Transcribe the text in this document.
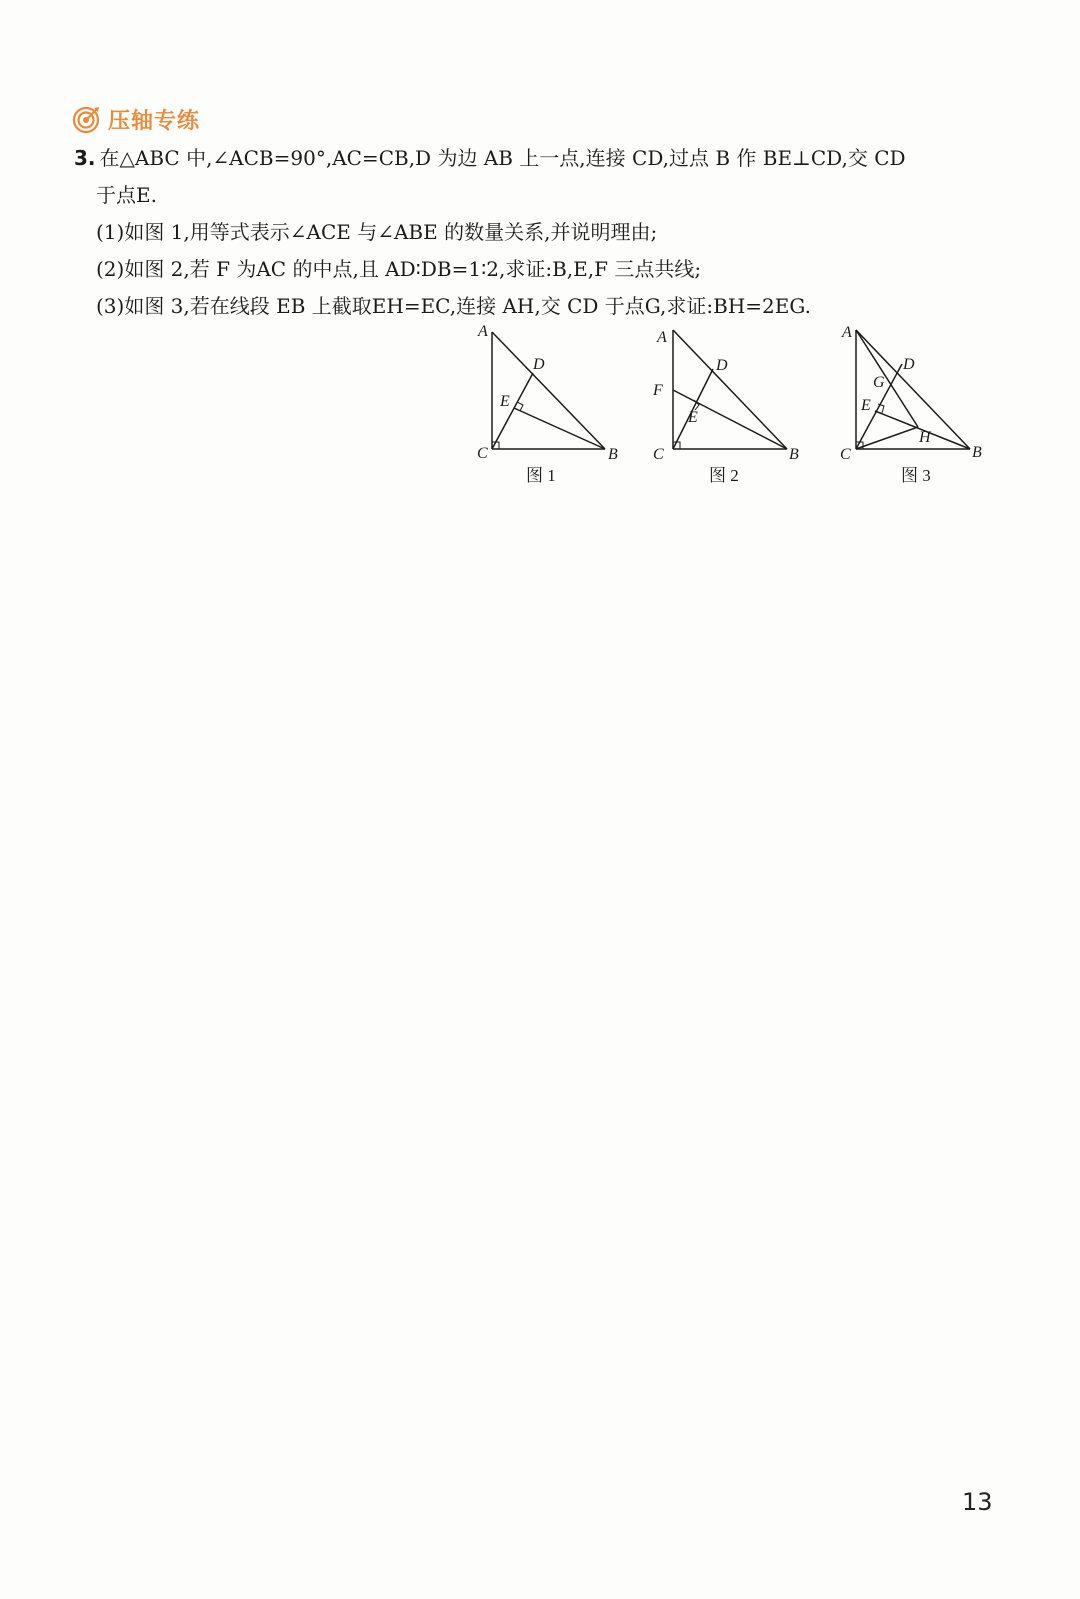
压轴专练
3. 在△ABC 中,∠ACB=90°,AC=CB,D 为边 AB 上一点,连接 CD,过点 B 作 BE⊥CD,交 CD
于点E.
(1)如图 1,用等式表示∠ACE 与∠ABE 的数量关系,并说明理由;
(2)如图 2,若 F 为AC 的中点,且 AD∶DB=1∶2,求证:B,E,F 三点共线;
(3)如图 3,若在线段 EB 上截取EH=EC,连接 AH,交 CD 于点G,求证:BH=2EG.
A
D
E
C	B
图 1
A
D
F
E
C	B
图 2
A
D
G
E
H
C	B
图 3
13
